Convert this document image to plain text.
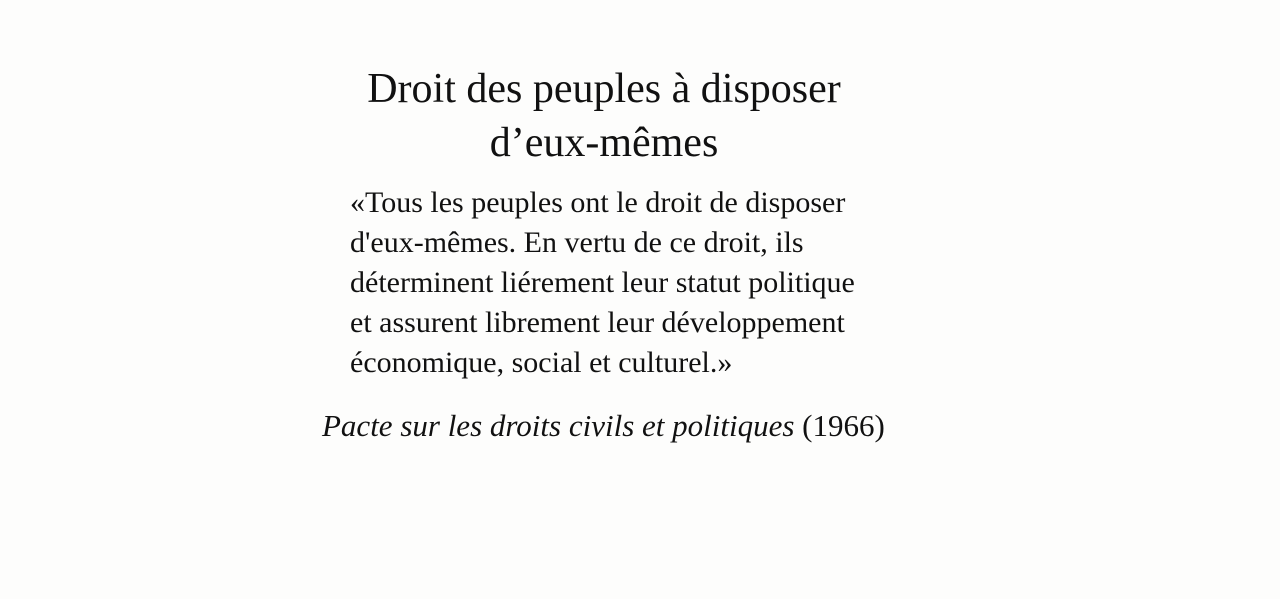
Droit des peuples à disposer
d’eux-mêmes
«Tous les peuples ont le droit de disposer
d'eux-mêmes. En vertu de ce droit, ils
déterminent liérement leur statut politique
et assurent librement leur développement
économique, social et culturel.»

Pacte sur les droits civils et politiques (1966)
